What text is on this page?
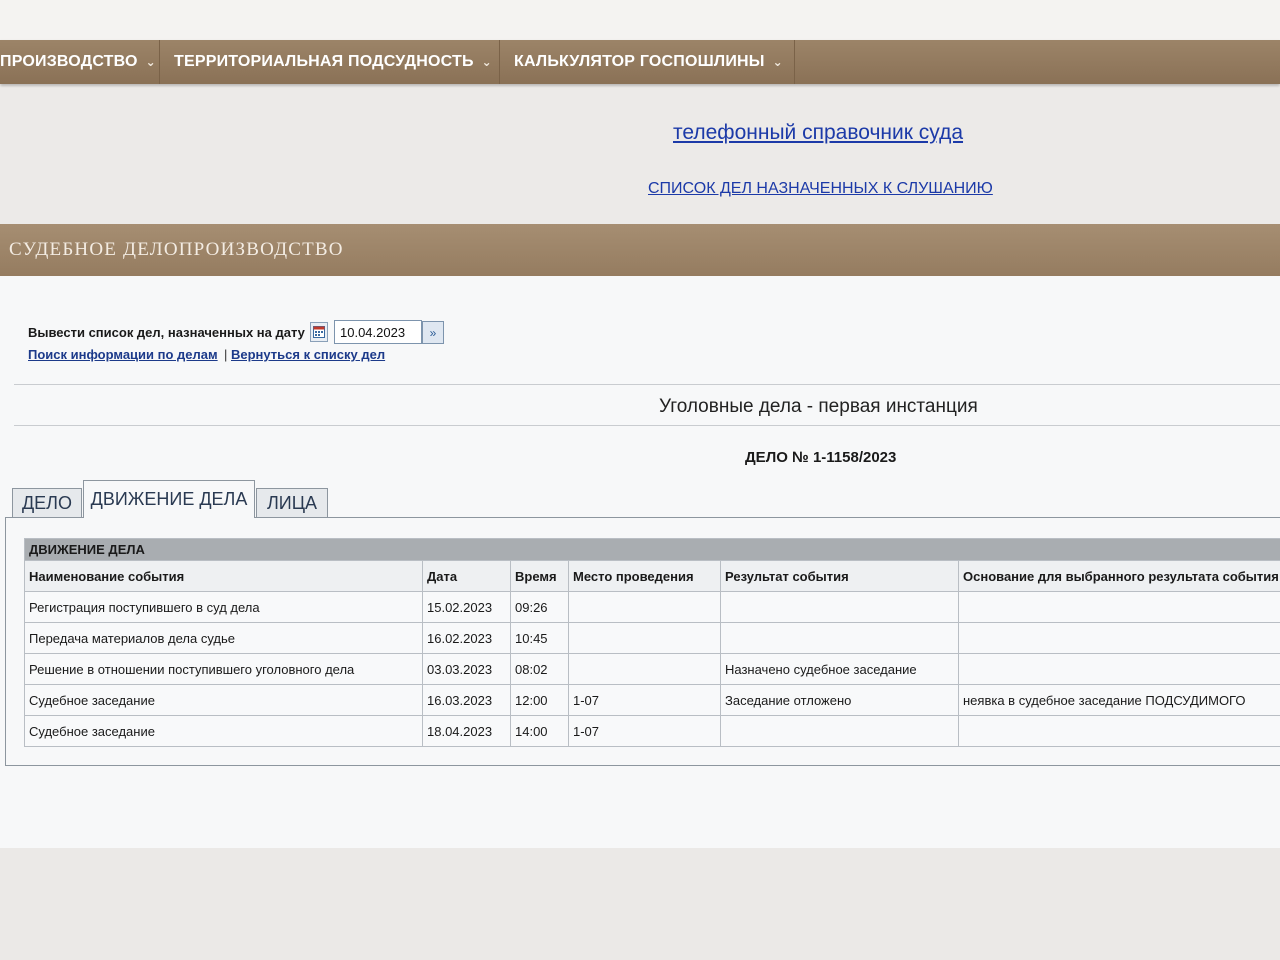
ПРОИЗВОДСТВО ⌄ ТЕРРИТОРИАЛЬНАЯ ПОДСУДНОСТЬ ⌄ КАЛЬКУЛЯТОР ГОСПОШЛИНЫ ⌄
телефонный справочник суда
СПИСОК ДЕЛ НАЗНАЧЕННЫХ К СЛУШАНИЮ
СУДЕБНОЕ ДЕЛОПРОИЗВОДСТВО
Вывести список дел, назначенных на дату
10.04.2023	»
Поиск информации по делам | Вернуться к списку дел
Уголовные дела - первая инстанция
ДЕЛО № 1-1158/2023
ДЕЛО	ДВИЖЕНИЕ ДЕЛА	ЛИЦА
ДВИЖЕНИЕ ДЕЛА					
Наименование события	Дата	Время	Место проведения	Результат события	Основание для выбранного результата события
Регистрация поступившего в суд дела	15.02.2023	09:26			
Передача материалов дела судье	16.02.2023	10:45			
Решение в отношении поступившего уголовного дела	03.03.2023	08:02		Назначено судебное заседание	
Судебное заседание	16.03.2023	12:00	1-07	Заседание отложено	неявка в судебное заседание ПОДСУДИМОГО
Судебное заседание	18.04.2023	14:00	1-07		
